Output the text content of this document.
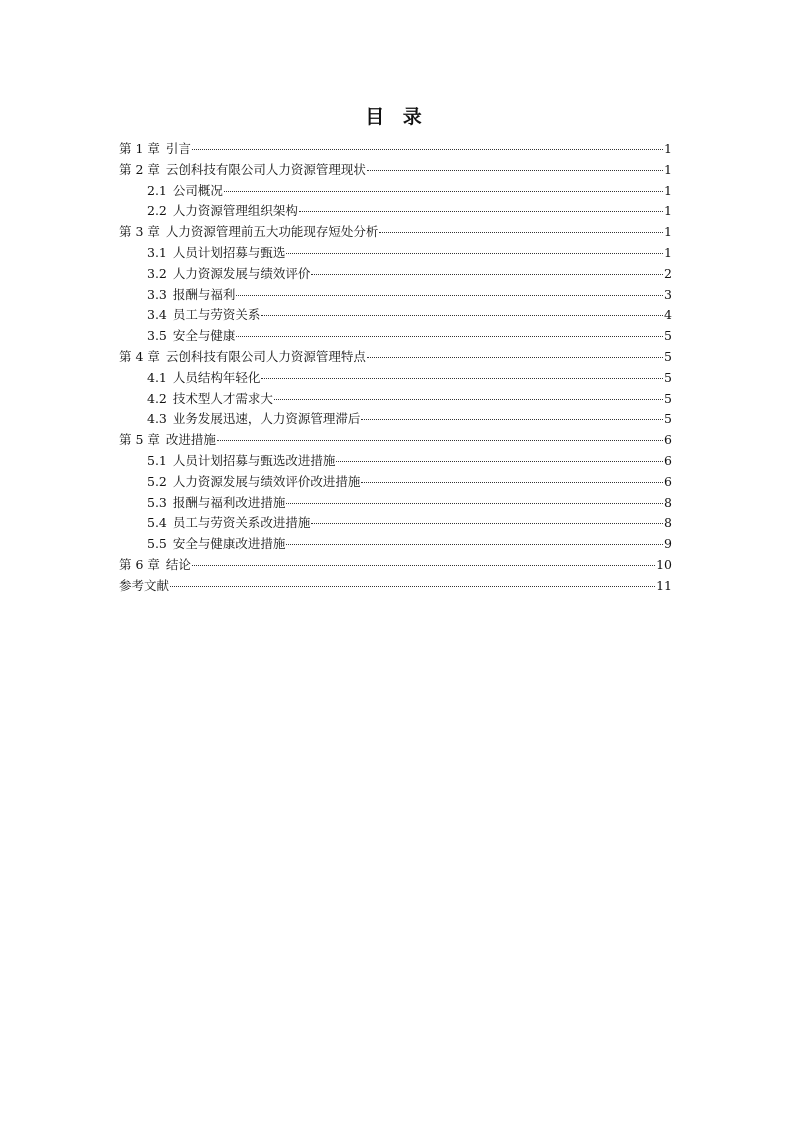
目 录
第 1 章 引言	1
第 2 章 云创科技有限公司人力资源管理现状	1
2.1 公司概况	1
2.2 人力资源管理组织架构	1
第 3 章 人力资源管理前五大功能现存短处分析	1
3.1 人员计划招募与甄选	1
3.2 人力资源发展与绩效评价	2
3.3 报酬与福利	3
3.4 员工与劳资关系	4
3.5 安全与健康	5
第 4 章 云创科技有限公司人力资源管理特点	5
4.1 人员结构年轻化	5
4.2 技术型人才需求大	5
4.3 业务发展迅速，人力资源管理滞后	5
第 5 章 改进措施	6
5.1 人员计划招募与甄选改进措施	6
5.2 人力资源发展与绩效评价改进措施	6
5.3 报酬与福利改进措施	8
5.4 员工与劳资关系改进措施	8
5.5 安全与健康改进措施	9
第 6 章 结论	10
参考文献	11
